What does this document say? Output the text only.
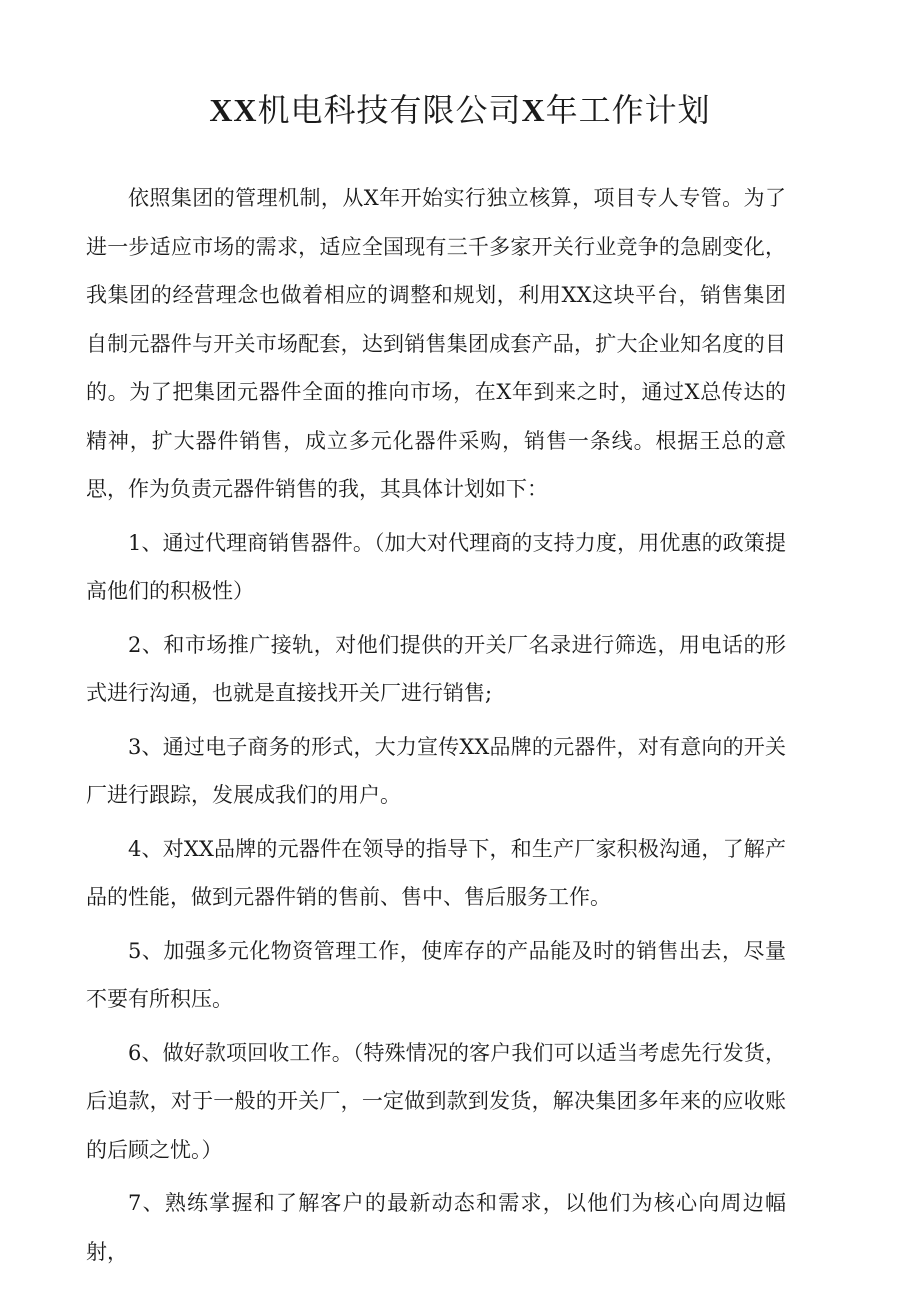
XX机电科技有限公司X年工作计划

依照集团的管理机制，从X年开始实行独立核算，项目专人专管。为了进一步适应市场的需求，适应全国现有三千多家开关行业竞争的急剧变化，我集团的经营理念也做着相应的调整和规划，利用XX这块平台，销售集团自制元器件与开关市场配套，达到销售集团成套产品，扩大企业知名度的目的。为了把集团元器件全面的推向市场，在X年到来之时，通过X总传达的精神，扩大器件销售，成立多元化器件采购，销售一条线。根据王总的意思，作为负责元器件销售的我，其具体计划如下：

1、通过代理商销售器件。（加大对代理商的支持力度，用优惠的政策提高他们的积极性）

2、和市场推广接轨，对他们提供的开关厂名录进行筛选，用电话的形式进行沟通，也就是直接找开关厂进行销售;

3、通过电子商务的形式，大力宣传XX品牌的元器件，对有意向的开关厂进行跟踪，发展成我们的用户。

4、对XX品牌的元器件在领导的指导下，和生产厂家积极沟通，了解产品的性能，做到元器件销的售前、售中、售后服务工作。

5、加强多元化物资管理工作，使库存的产品能及时的销售出去，尽量不要有所积压。

6、做好款项回收工作。（特殊情况的客户我们可以适当考虑先行发货，后追款，对于一般的开关厂，一定做到款到发货，解决集团多年来的应收账的后顾之忧。）

7、熟练掌握和了解客户的最新动态和需求，以他们为核心向周边幅射，
